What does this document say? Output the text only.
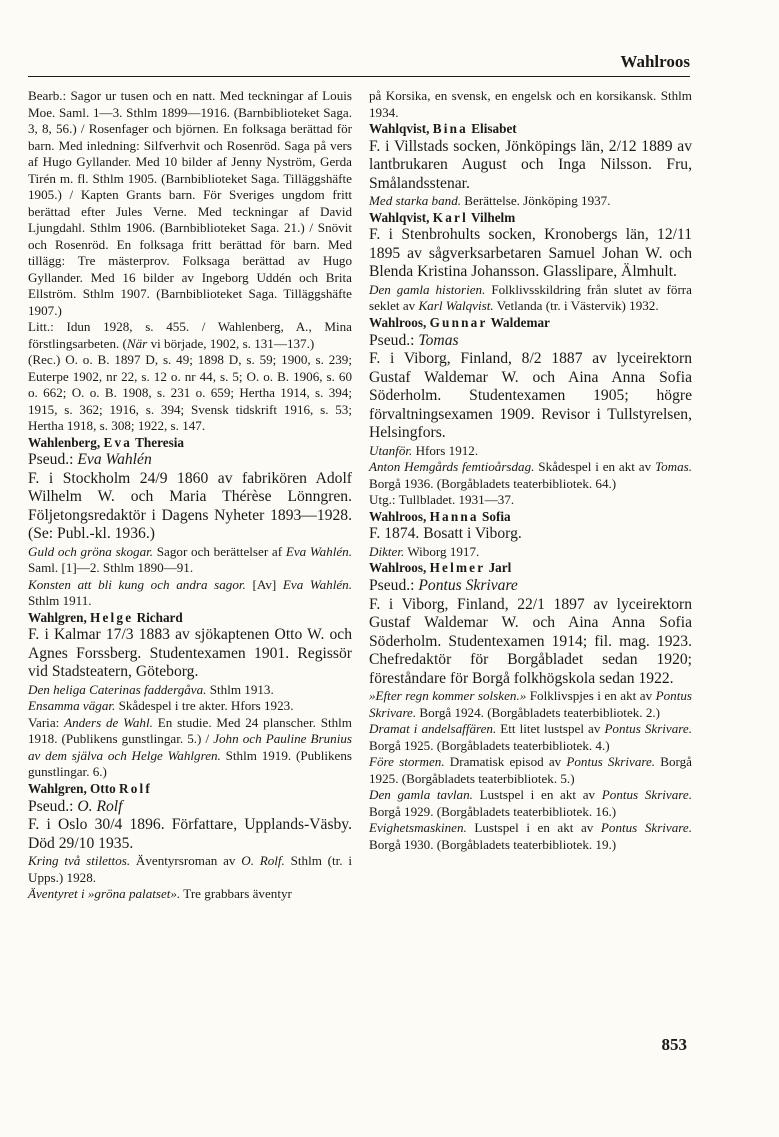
Wahlroos

Bearb.: Sagor ur tusen och en natt. Med teckningar af Louis Moe. Saml. 1—3. Sthlm 1899—1916. (Barnbiblioteket Saga. 3, 8, 56.) / Rosenfager och björnen. En folksaga berättad för barn. Med inledning: Silfverhvit och Rosenröd. Saga på vers af Hugo Gyllander. Med 10 bilder af Jenny Nyström, Gerda Tirén m. fl. Sthlm 1905. (Barnbiblioteket Saga. Tilläggshäfte 1905.) / Kapten Grants barn. För Sveriges ungdom fritt berättad efter Jules Verne. Med teckningar af David Ljungdahl. Sthlm 1906. (Barnbiblioteket Saga. 21.) / Snövit och Rosenröd. En folksaga fritt berättad för barn. Med tillägg: Tre mästerprov. Folksaga berättad av Hugo Gyllander. Med 16 bilder av Ingeborg Uddén och Brita Ellström. Sthlm 1907. (Barnbiblioteket Saga. Tilläggshäfte 1907.)

Litt.: Idun 1928, s. 455. / Wahlenberg, A., Mina förstlingsarbeten. (När vi började, 1902, s. 131—137.)

(Rec.) O. o. B. 1897 D, s. 49; 1898 D, s. 59; 1900, s. 239; Euterpe 1902, nr 22, s. 12 o. nr 44, s. 5; O. o. B. 1906, s. 60 o. 662; O. o. B. 1908, s. 231 o. 659; Hertha 1914, s. 394; 1915, s. 362; 1916, s. 394; Svensk tidskrift 1916, s. 53; Hertha 1918, s. 308; 1922, s. 147.

Wahlenberg, Eva Theresia

Pseud.: Eva Wahlén

F. i Stockholm 24/9 1860 av fabrikören Adolf Wilhelm W. och Maria Thérèse Lönngren. Följetongsredaktör i Dagens Nyheter 1893—1928. (Se: Publ.-kl. 1936.)

Guld och gröna skogar. Sagor och berättelser af Eva Wahlén. Saml. [1]—2. Sthlm 1890—91.

Konsten att bli kung och andra sagor. [Av] Eva Wahlén. Sthlm 1911.

Wahlgren, Helge Richard

F. i Kalmar 17/3 1883 av sjökaptenen Otto W. och Agnes Forssberg. Studentexamen 1901. Regissör vid Stadsteatern, Göteborg.

Den heliga Caterinas faddergåva. Sthlm 1913.

Ensamma vägar. Skådespel i tre akter. Hfors 1923.

Varia: Anders de Wahl. En studie. Med 24 planscher. Sthlm 1918. (Publikens gunstlingar. 5.) / John och Pauline Brunius av dem själva och Helge Wahlgren. Sthlm 1919. (Publikens gunstlingar. 6.)

Wahlgren, Otto Rolf

Pseud.: O. Rolf

F. i Oslo 30/4 1896. Författare, Upplands-Väsby. Död 29/10 1935.

Kring två stilettos. Äventyrsroman av O. Rolf. Sthlm (tr. i Upps.) 1928.

Äventyret i »gröna palatset». Tre grabbars äventyr

på Korsika, en svensk, en engelsk och en korsikansk. Sthlm 1934.

Wahlqvist, Bina Elisabet

F. i Villstads socken, Jönköpings län, 2/12 1889 av lantbrukaren August och Inga Nilsson. Fru, Smålandsstenar.

Med starka band. Berättelse. Jönköping 1937.

Wahlqvist, Karl Vilhelm

F. i Stenbrohults socken, Kronobergs län, 12/11 1895 av sågverksarbetaren Samuel Johan W. och Blenda Kristina Johansson. Glasslipare, Älmhult.

Den gamla historien. Folklivsskildring från slutet av förra seklet av Karl Walqvist. Vetlanda (tr. i Västervik) 1932.

Wahlroos, Gunnar Waldemar

Pseud.: Tomas

F. i Viborg, Finland, 8/2 1887 av lyceirektorn Gustaf Waldemar W. och Aina Anna Sofia Söderholm. Studentexamen 1905; högre förvaltningsexamen 1909. Revisor i Tullstyrelsen, Helsingfors.

Utanför. Hfors 1912.

Anton Hemgårds femtioårsdag. Skådespel i en akt av Tomas. Borgå 1936. (Borgåbladets teaterbibliotek. 64.)

Utg.: Tullbladet. 1931—37.

Wahlroos, Hanna Sofia

F. 1874. Bosatt i Viborg.

Dikter. Wiborg 1917.

Wahlroos, Helmer Jarl

Pseud.: Pontus Skrivare

F. i Viborg, Finland, 22/1 1897 av lyceirektorn Gustaf Waldemar W. och Aina Anna Sofia Söderholm. Studentexamen 1914; fil. mag. 1923. Chefredaktör för Borgåbladet sedan 1920; föreståndare för Borgå folkhögskola sedan 1922.

»Efter regn kommer solsken.» Folklivspjes i en akt av Pontus Skrivare. Borgå 1924. (Borgåbladets teaterbibliotek. 2.)

Dramat i andelsaffären. Ett litet lustspel av Pontus Skrivare. Borgå 1925. (Borgåbladets teaterbibliotek. 4.)

Före stormen. Dramatisk episod av Pontus Skrivare. Borgå 1925. (Borgåbladets teaterbibliotek. 5.)

Den gamla tavlan. Lustspel i en akt av Pontus Skrivare. Borgå 1929. (Borgåbladets teaterbibliotek. 16.)

Evighetsmaskinen. Lustspel i en akt av Pontus Skrivare. Borgå 1930. (Borgåbladets teaterbibliotek. 19.)

853
